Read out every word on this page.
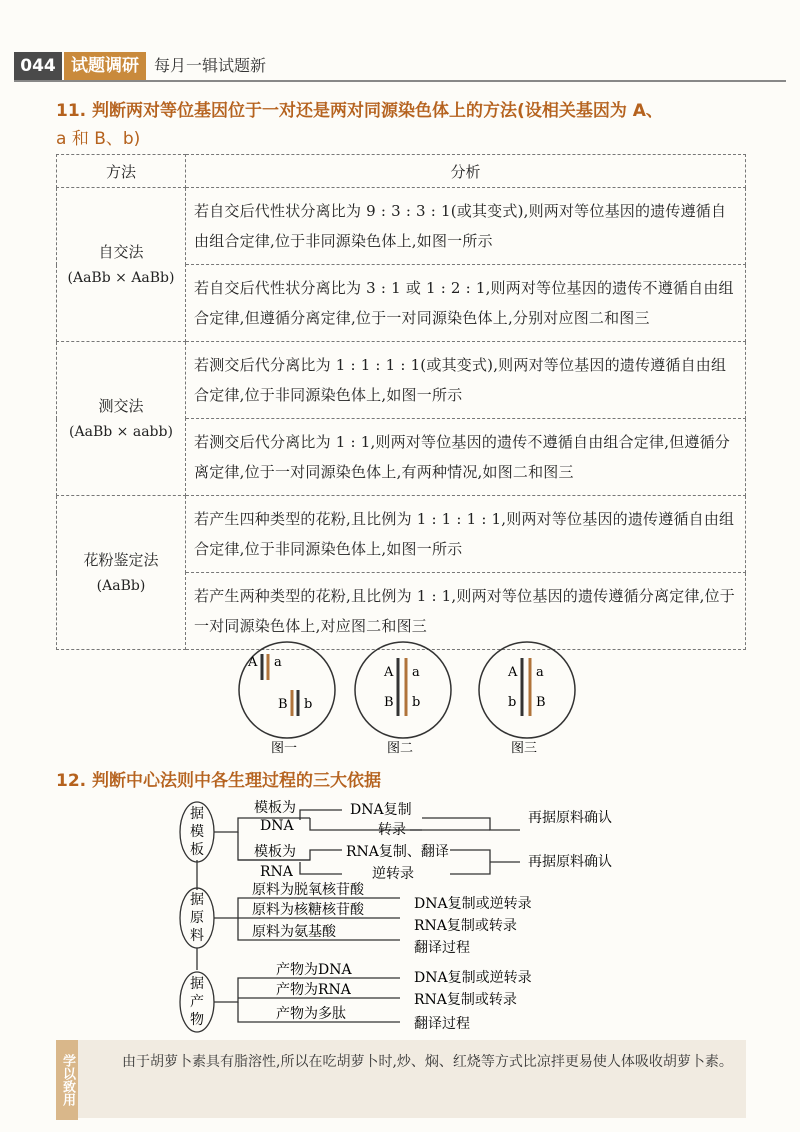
044 试题调研 每月一辑试题新
11. 判断两对等位基因位于一对还是两对同源染色体上的方法(设相关基因为 A、
a 和 B、b)
方法	分析

自交法
(AaBb × AaBb)	若自交后代性状分离比为 9 : 3 : 3 : 1(或其变式),则两对等位基因的遗传遵循自由组合定律,位于非同源染色体上,如图一所示
	若自交后代性状分离比为 3 : 1 或 1 : 2 : 1,则两对等位基因的遗传不遵循自由组合定律,但遵循分离定律,位于一对同源染色体上,分别对应图二和图三

测交法
(AaBb × aabb)	若测交后代分离比为 1 : 1 : 1 : 1(或其变式),则两对等位基因的遗传遵循自由组合定律,位于非同源染色体上,如图一所示
	若测交后代分离比为 1 : 1,则两对等位基因的遗传不遵循自由组合定律,但遵循分离定律,位于一对同源染色体上,有两种情况,如图二和图三

花粉鉴定法
(AaBb)	若产生四种类型的花粉,且比例为 1 : 1 : 1 : 1,则两对等位基因的遗传遵循自由组合定律,位于非同源染色体上,如图一所示
	若产生两种类型的花粉,且比例为 1 : 1,则两对等位基因的遗传遵循分离定律,位于一对同源染色体上,对应图二和图三
A a
B b
图一
A a
B b
图二
A a
b B
图三
12. 判断中心法则中各生理过程的三大依据
据
模
板
据
原
料
据
产
物
模板为
DNA
DNA复制
转录
再据原料确认
模板为
RNA
RNA复制、翻译
逆转录
再据原料确认
原料为脱氧核苷酸
原料为核糖核苷酸
原料为氨基酸
DNA复制或逆转录
RNA复制或转录
翻译过程
产物为DNA
产物为RNA
产物为多肽
DNA复制或逆转录
RNA复制或转录
翻译过程
学以致用	由于胡萝卜素具有脂溶性,所以在吃胡萝卜时,炒、焖、红烧等方式比凉拌更易使人体吸收胡萝卜素。
